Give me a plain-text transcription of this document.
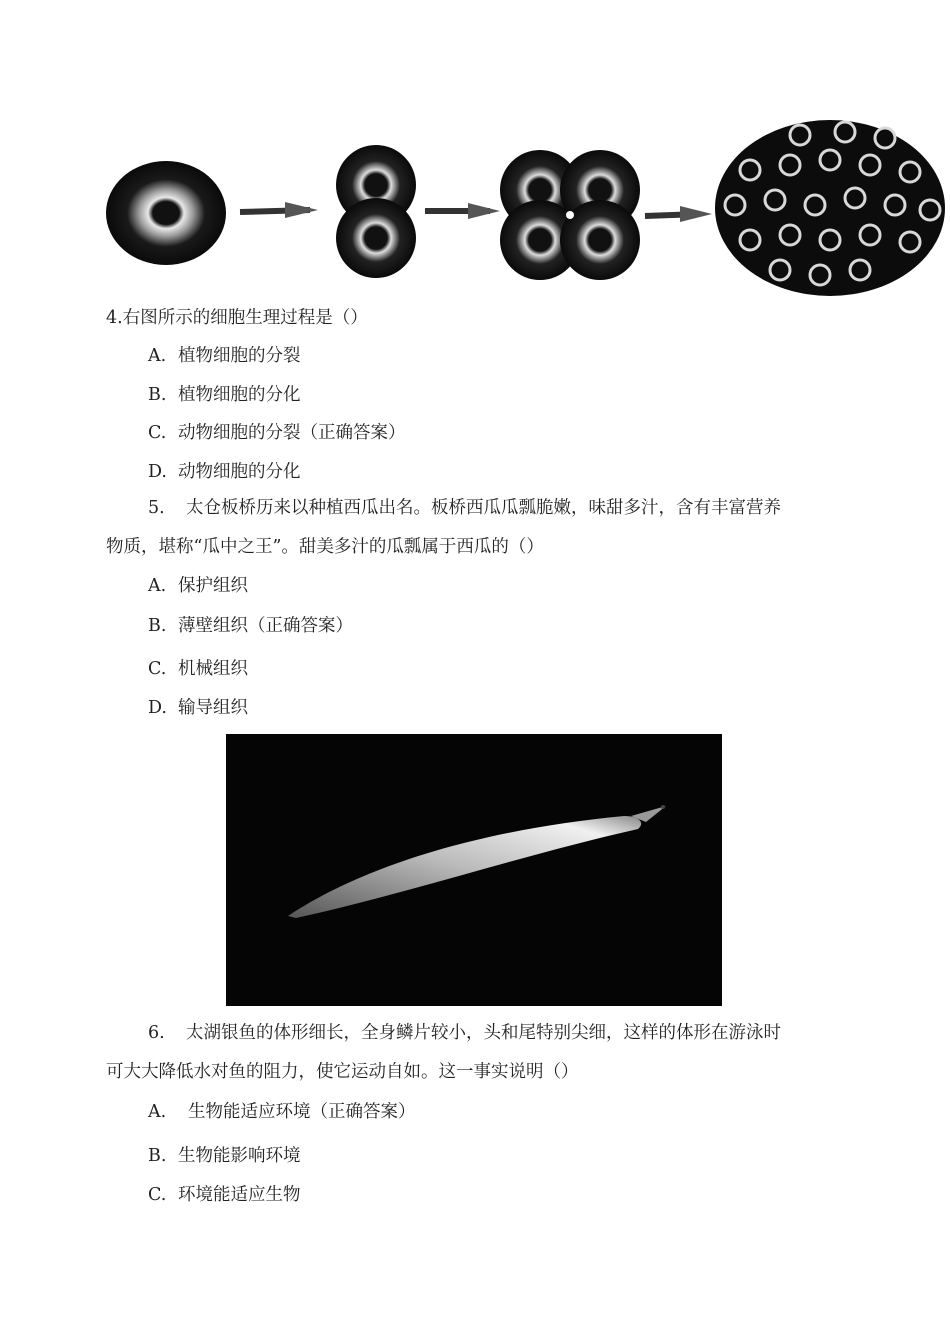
4.右图所示的细胞生理过程是（）
A. 植物细胞的分裂
B. 植物细胞的分化
C. 动物细胞的分裂（正确答案）
D. 动物细胞的分化
5. 太仓板桥历来以种植西瓜出名。板桥西瓜瓜瓢脆嫩，味甜多汁，含有丰富营养
物质，堪称“瓜中之王”。甜美多汁的瓜瓢属于西瓜的（）
A. 保护组织
B. 薄壁组织（正确答案）
C. 机械组织
D. 输导组织
6. 太湖银鱼的体形细长，全身鳞片较小，头和尾特别尖细，这样的体形在游泳时
可大大降低水对鱼的阻力，使它运动自如。这一事实说明（）
A. 生物能适应环境（正确答案）
B. 生物能影响环境
C. 环境能适应生物
